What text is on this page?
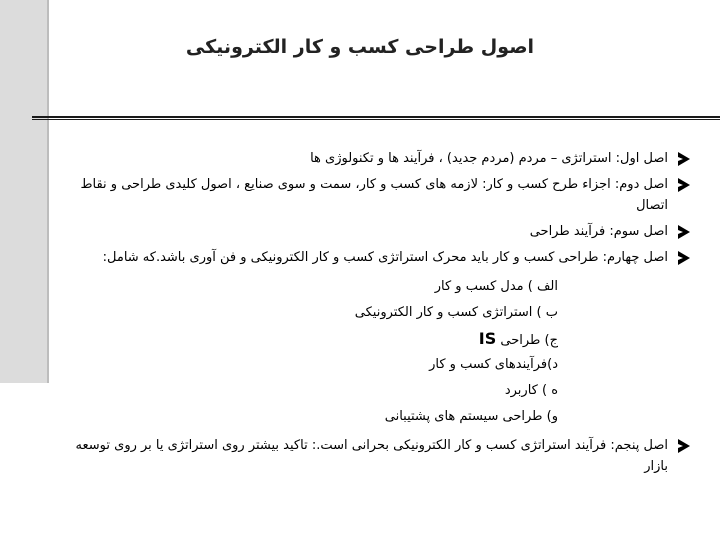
اصول طراحی کسب و کار الکترونیکی
اصل اول: استراتژی – مردم (مردم جدید) ، فرآیند ها و تکنولوژی ها
اصل دوم: اجزاء طرح کسب و کار: لازمه های کسب و کار، سمت و سوی صنایع ، اصول کلیدی طراحی و نقاط اتصال
اصل سوم: فرآیند طراحی
اصل چهارم: طراحی کسب و کار باید محرک استراتژی کسب و کار الکترونیکی و فن آوری باشد.که شامل:
الف ) مدل کسب و کار
ب ) استراتژی کسب و کار الکترونیکی
ج) طراحی IS
د)فرآیندهای کسب و کار
ه ) کاربرد
و) طراحی سیستم های پشتیبانی
اصل پنجم: فرآیند استراتژی کسب و کار الکترونیکی بحرانی است.: تاکید بیشتر روی استراتژی یا بر روی توسعه بازار
